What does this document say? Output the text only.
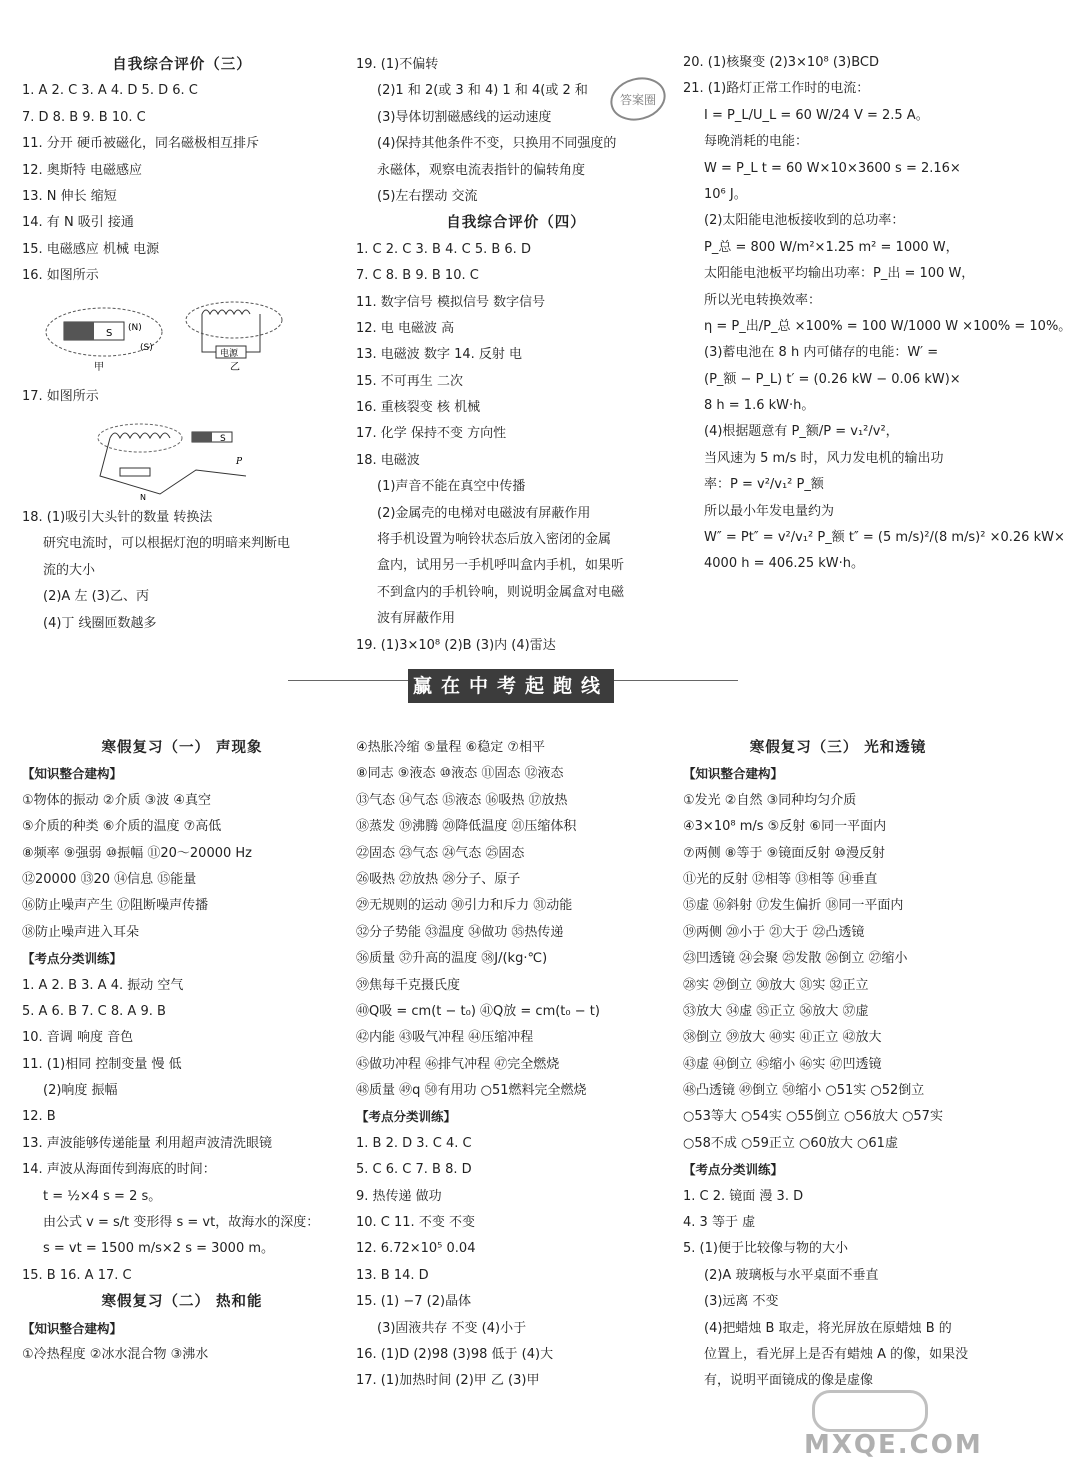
自我综合评价（三）
1. A 2. C 3. A 4. D 5. D 6. C
7. D 8. B 9. B 10. C
11. 分开 硬币被磁化，同名磁极相互排斥
12. 奥斯特 电磁感应
13. N 伸长 缩短
14. 有 N 吸引 接通
15. 电磁感应 机械 电源
16. 如图所示
17. 如图所示
18. (1)吸引大头针的数量 转换法
研究电流时，可以根据灯泡的明暗来判断电
流的大小
(2)A 左 (3)乙、丙
(4)丁 线圈匝数越多
19. (1)不偏转
(2)1 和 2(或 3 和 4) 1 和 4(或 2 和
(3)导体切割磁感线的运动速度
(4)保持其他条件不变，只换用不同强度的
永磁体，观察电流表指针的偏转角度
(5)左右摆动 交流
自我综合评价（四）
1. C 2. C 3. B 4. C 5. B 6. D
7. C 8. B 9. B 10. C
11. 数字信号 模拟信号 数字信号
12. 电 电磁波 高
13. 电磁波 数字 14. 反射 电
15. 不可再生 二次
16. 重核裂变 核 机械
17. 化学 保持不变 方向性
18. 电磁波
(1)声音不能在真空中传播
(2)金属壳的电梯对电磁波有屏蔽作用
将手机设置为响铃状态后放入密闭的金属
盒内，试用另一手机呼叫盒内手机，如果听
不到盒内的手机铃响，则说明金属盒对电磁
波有屏蔽作用
19. (1)3×10⁸ (2)B (3)内 (4)雷达
20. (1)核聚变 (2)3×10⁸ (3)BCD
21. (1)路灯正常工作时的电流：
I = P_L/U_L = 60 W/24 V = 2.5 A。
每晚消耗的电能：
W = P_L t = 60 W×10×3600 s = 2.16×
10⁶ J。
(2)太阳能电池板接收到的总功率：
P_总 = 800 W/m²×1.25 m² = 1000 W，
太阳能电池板平均输出功率：P_出 = 100 W，
所以光电转换效率：
η = P_出/P_总 ×100% = 100 W/1000 W ×100% = 10%。
(3)蓄电池在 8 h 内可储存的电能：W′ =
(P_额 − P_L) t′ = (0.26 kW − 0.06 kW)×
8 h = 1.6 kW·h。
(4)根据题意有 P_额/P = v₁²/v²，
当风速为 5 m/s 时，风力发电机的输出功
率：P = v²/v₁² P_额
所以最小年发电量约为
W″ = Pt″ = v²/v₁² P_额 t″ = (5 m/s)²/(8 m/s)² ×0.26 kW×
4000 h = 406.25 kW·h。
S (N)
(S)
电源
甲	乙
S
P
N
赢在中考起跑线
寒假复习（一） 声现象
【知识整合建构】
①物体的振动 ②介质 ③波 ④真空
⑤介质的种类 ⑥介质的温度 ⑦高低
⑧频率 ⑨强弱 ⑩振幅 ⑪20～20000 Hz
⑫20000 ⑬20 ⑭信息 ⑮能量
⑯防止噪声产生 ⑰阻断噪声传播
⑱防止噪声进入耳朵
【考点分类训练】
1. A 2. B 3. A 4. 振动 空气
5. A 6. B 7. C 8. A 9. B
10. 音调 响度 音色
11. (1)相同 控制变量 慢 低
(2)响度 振幅
12. B
13. 声波能够传递能量 利用超声波清洗眼镜
14. 声波从海面传到海底的时间：
t = ½×4 s = 2 s。
由公式 v = s/t 变形得 s = vt，故海水的深度：
s = vt = 1500 m/s×2 s = 3000 m。
15. B 16. A 17. C
寒假复习（二） 热和能
【知识整合建构】
①冷热程度 ②冰水混合物 ③沸水
④热胀冷缩 ⑤量程 ⑥稳定 ⑦相平
⑧同志 ⑨液态 ⑩液态 ⑪固态 ⑫液态
⑬气态 ⑭气态 ⑮液态 ⑯吸热 ⑰放热
⑱蒸发 ⑲沸腾 ⑳降低温度 ㉑压缩体积
㉒固态 ㉓气态 ㉔气态 ㉕固态
㉖吸热 ㉗放热 ㉘分子、原子
㉙无规则的运动 ㉚引力和斥力 ㉛动能
㉜分子势能 ㉝温度 ㉞做功 ㉟热传递
㊱质量 ㊲升高的温度 ㊳J/(kg·℃)
㊴焦每千克摄氏度
㊵Q吸 = cm(t − t₀) ㊶Q放 = cm(t₀ − t)
㊷内能 ㊸吸气冲程 ㊹压缩冲程
㊺做功冲程 ㊻排气冲程 ㊼完全燃烧
㊽质量 ㊾q ㊿有用功 ○51燃料完全燃烧
【考点分类训练】
1. B 2. D 3. C 4. C
5. C 6. C 7. B 8. D
9. 热传递 做功
10. C 11. 不变 不变
12. 6.72×10⁵ 0.04
13. B 14. D
15. (1) −7 (2)晶体
(3)固液共存 不变 (4)小于
16. (1)D (2)98 (3)98 低于 (4)大
17. (1)加热时间 (2)甲 乙 (3)甲
寒假复习（三） 光和透镜
【知识整合建构】
①发光 ②自然 ③同种均匀介质
④3×10⁸ m/s ⑤反射 ⑥同一平面内
⑦两侧 ⑧等于 ⑨镜面反射 ⑩漫反射
⑪光的反射 ⑫相等 ⑬相等 ⑭垂直
⑮虚 ⑯斜射 ⑰发生偏折 ⑱同一平面内
⑲两侧 ⑳小于 ㉑大于 ㉒凸透镜
㉓凹透镜 ㉔会聚 ㉕发散 ㉖倒立 ㉗缩小
㉘实 ㉙倒立 ㉚放大 ㉛实 ㉜正立
㉝放大 ㉞虚 ㉟正立 ㊱放大 ㊲虚
㊳倒立 ㊴放大 ㊵实 ㊶正立 ㊷放大
㊸虚 ㊹倒立 ㊺缩小 ㊻实 ㊼凹透镜
㊽凸透镜 ㊾倒立 ㊿缩小 ○51实 ○52倒立
○53等大 ○54实 ○55倒立 ○56放大 ○57实
○58不成 ○59正立 ○60放大 ○61虚
【考点分类训练】
1. C 2. 镜面 漫 3. D
4. 3 等于 虚
5. (1)便于比较像与物的大小
(2)A 玻璃板与水平桌面不垂直
(3)远离 不变
(4)把蜡烛 B 取走，将光屏放在原蜡烛 B 的
位置上，看光屏上是否有蜡烛 A 的像，如果没
有，说明平面镜成的像是虚像
答案圈
MXQE.COM
